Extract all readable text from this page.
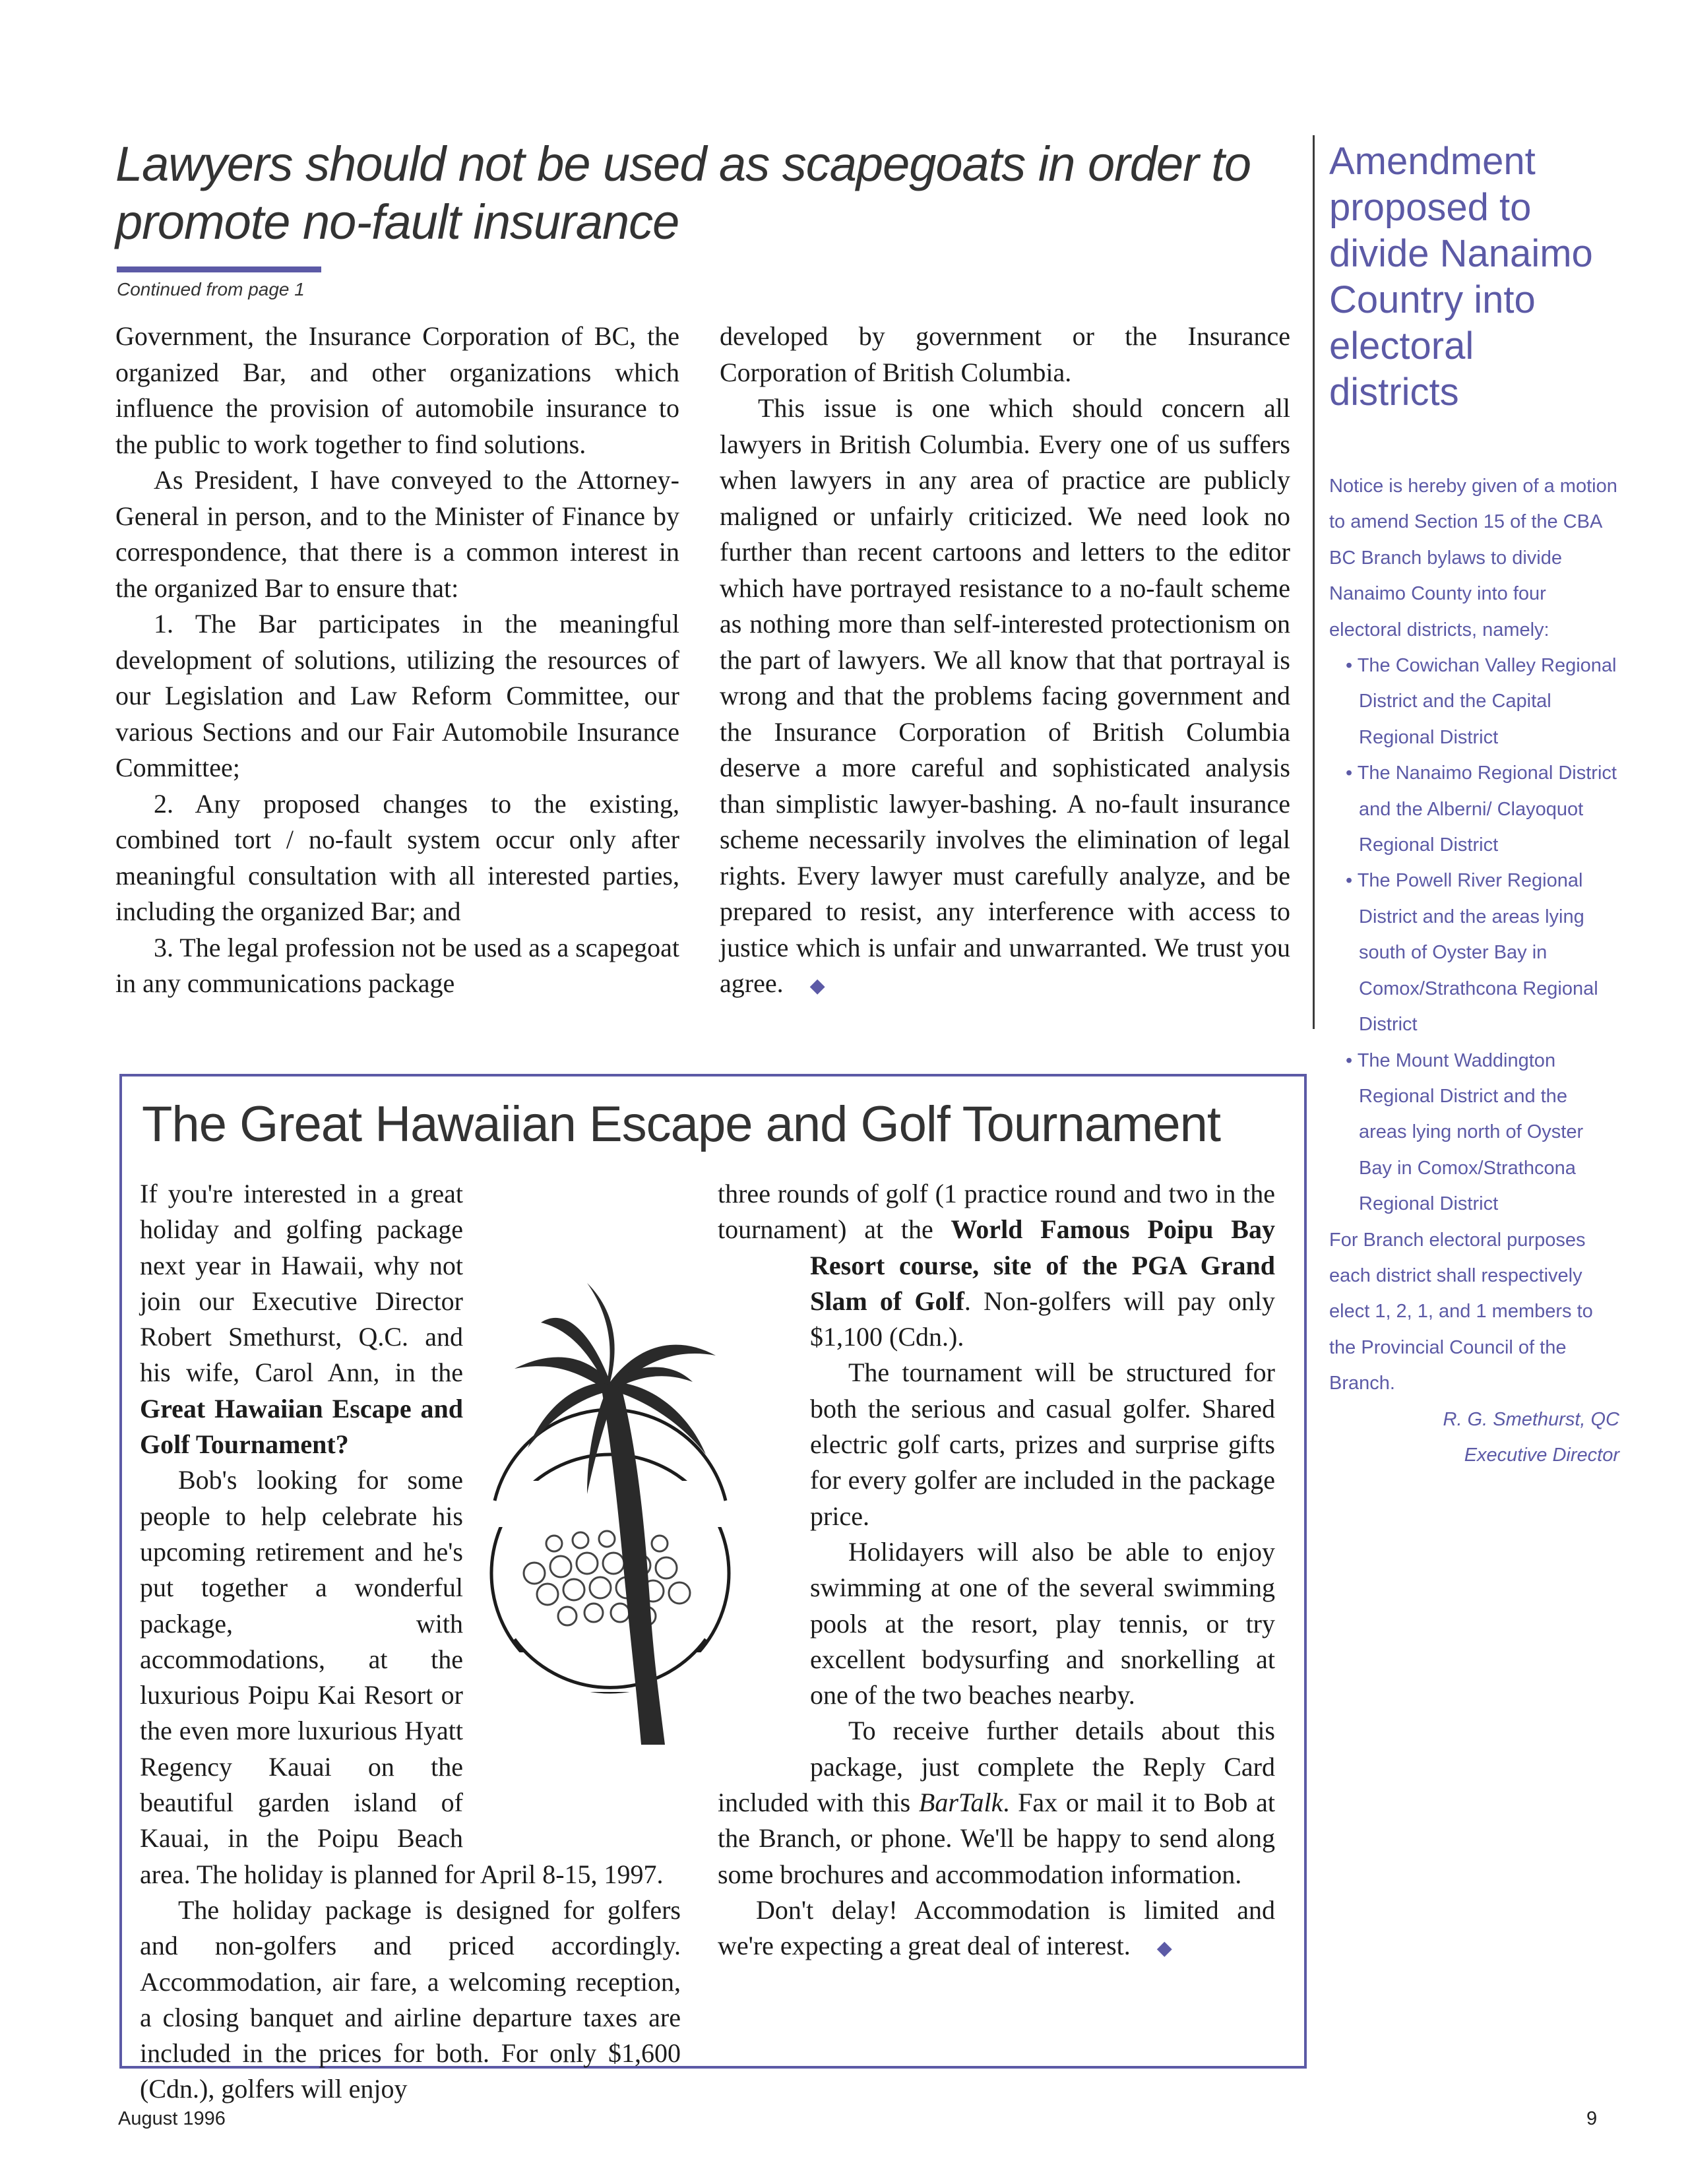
Lawyers should not be used as scapegoats in order to promote no-fault insurance
Continued from page 1

Government, the Insurance Corporation of BC, the organized Bar, and other organizations which influence the provision of automobile insurance to the public to work together to find solutions.

As President, I have conveyed to the Attorney-General in person, and to the Minister of Finance by correspondence, that there is a common interest in the organized Bar to ensure that:

1. The Bar participates in the meaningful development of solutions, utilizing the resources of our Legislation and Law Reform Committee, our various Sections and our Fair Automobile Insurance Committee;

2. Any proposed changes to the existing, combined tort / no-fault system occur only after meaningful consultation with all interested parties, including the organized Bar; and

3. The legal profession not be used as a scapegoat in any communications package

developed by government or the Insurance Corporation of British Columbia.

This issue is one which should concern all lawyers in British Columbia. Every one of us suffers when lawyers in any area of practice are publicly maligned or unfairly criticized. We need look no further than recent cartoons and letters to the editor which have portrayed resistance to a no-fault scheme as nothing more than self-interested protectionism on the part of lawyers. We all know that that portrayal is wrong and that the problems facing government and the Insurance Corporation of British Columbia deserve a more careful and sophisticated analysis than simplistic lawyer-bashing. A no-fault insurance scheme necessarily involves the elimination of legal rights. Every lawyer must carefully analyze, and be prepared to resist, any interference with access to justice which is unfair and unwarranted. We trust you agree. ◆

Amendment proposed to divide Nanaimo Country into electoral districts
Notice is hereby given of a motion to amend Section 15 of the CBA BC Branch bylaws to divide Nanaimo County into four electoral districts, namely:
• The Cowichan Valley Regional District and the Capital Regional District
• The Nanaimo Regional District and the Alberni/ Clayoquot Regional District
• The Powell River Regional District and the areas lying south of Oyster Bay in Comox/Strathcona Regional District
• The Mount Waddington Regional District and the areas lying north of Oyster Bay in Comox/Strathcona Regional District
For Branch electoral purposes each district shall respectively elect 1, 2, 1, and 1 members to the Provincial Council of the Branch.
R. G. Smethurst, QC
Executive Director
The Great Hawaiian Escape and Golf Tournament

If you're interested in a great holiday and golfing package next year in Hawaii, why not join our Executive Director Robert Smethurst, Q.C. and his wife, Carol Ann, in the Great Hawaiian Escape and Golf Tournament?

Bob's looking for some people to help celebrate his upcoming retirement and he's put together a wonderful package, with accommodations, at the luxurious Poipu Kai Resort or the even more luxurious Hyatt Regency Kauai on the beautiful garden island of Kauai, in the Poipu Beach area. The holiday is planned for April 8-15, 1997.

The holiday package is designed for golfers and non-golfers and priced accordingly. Accommodation, air fare, a welcoming reception, a closing banquet and airline departure taxes are included in the prices for both. For only $1,600 (Cdn.), golfers will enjoy

three rounds of golf (1 practice round and two in the tournament) at the World Famous Poipu Bay Resort course, site of the PGA Grand Slam of Golf. Non-golfers will pay only $1,100 (Cdn.).

The tournament will be structured for both the serious and casual golfer. Shared electric golf carts, prizes and surprise gifts for every golfer are included in the package price.

Holidayers will also be able to enjoy swimming at one of the several swimming pools at the resort, play tennis, or try excellent bodysurfing and snorkelling at one of the two beaches nearby.

To receive further details about this package, just complete the Reply Card included with this BarTalk. Fax or mail it to Bob at the Branch, or phone. We'll be happy to send along some brochures and accommodation information.

Don't delay! Accommodation is limited and we're expecting a great deal of interest. ◆

August 1996	9
